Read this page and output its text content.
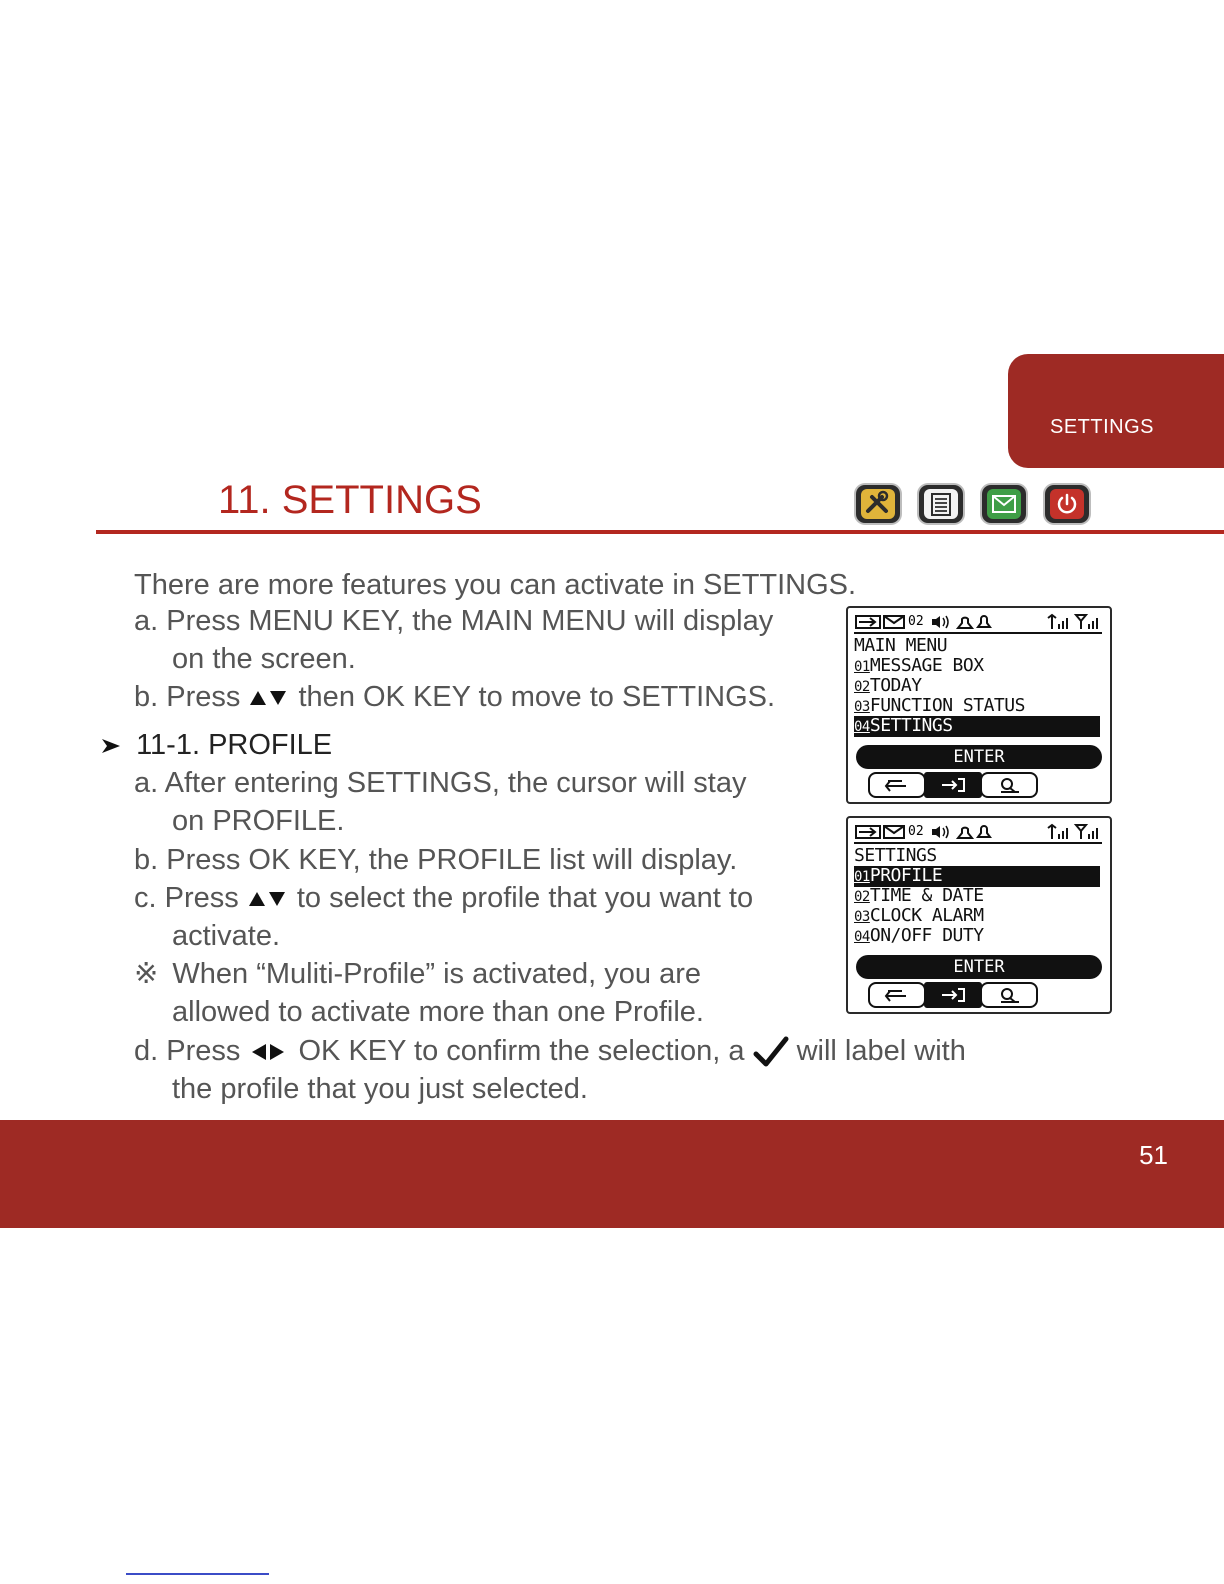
SETTINGS
11. SETTINGS
There are more features you can activate in SETTINGS.
a. Press MENU KEY, the MAIN MENU will display
on the screen.
b. Press then OK KEY to move to SETTINGS.
11-1. PROFILE
a. After entering SETTINGS, the cursor will stay
on PROFILE.
b. Press OK KEY, the PROFILE list will display.
c. Press to select the profile that you want to
activate.
※ When “Muliti-Profile” is activated, you are
allowed to activate more than one Profile.
d. Press OK KEY to confirm the selection, a will label with
the profile that you just selected.
02
MAIN MENU
01MESSAGE BOX
02TODAY
03FUNCTION STATUS
04SETTINGS
ENTER
02
SETTINGS
01PROFILE
02TIME & DATE
03CLOCK ALARM
04ON/OFF DUTY
ENTER
51
